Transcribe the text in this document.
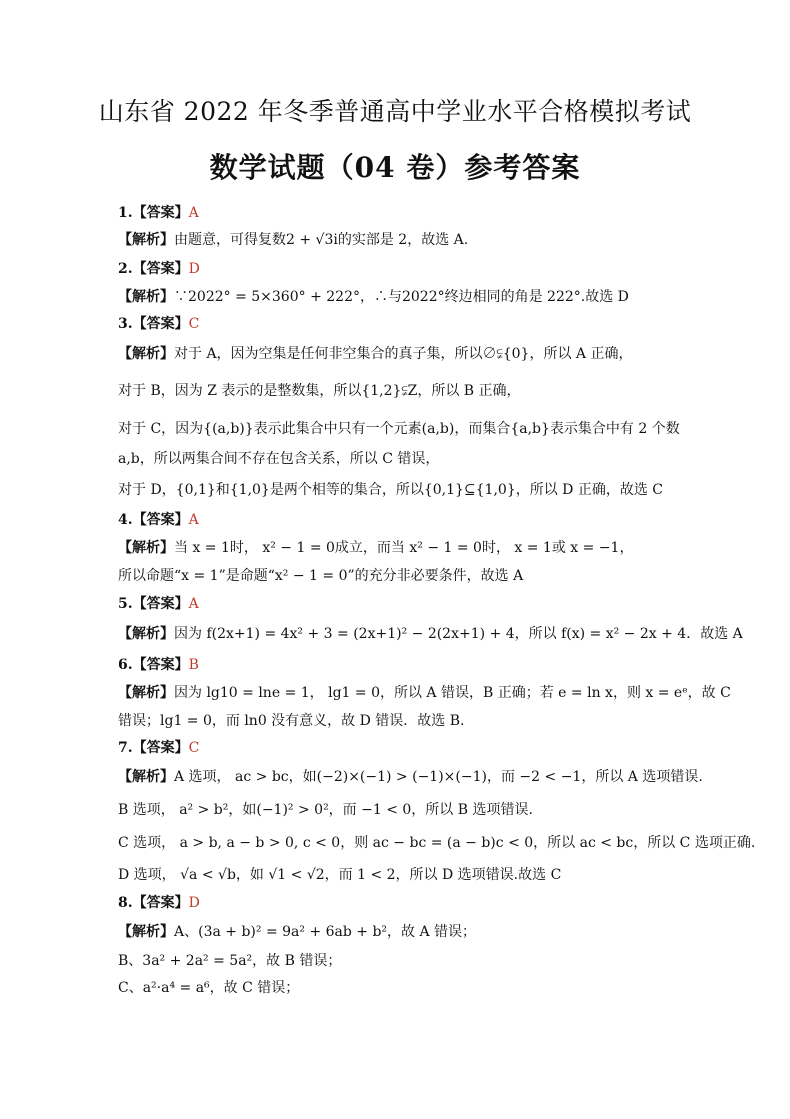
山东省 2022 年冬季普通高中学业水平合格模拟考试
数学试题（04 卷）参考答案
1.【答案】A
【解析】由题意，可得复数2 + √3i的实部是 2，故选 A.
2.【答案】D
【解析】∵2022° = 5×360° + 222°，∴与2022°终边相同的角是 222°.故选 D
3.【答案】C
【解析】对于 A，因为空集是任何非空集合的真子集，所以∅⫋{0}，所以 A 正确，
对于 B，因为 Z 表示的是整数集，所以{1,2}⫋Z，所以 B 正确，
对于 C，因为{(a,b)}表示此集合中只有一个元素(a,b)，而集合{a,b}表示集合中有 2 个数
a,b，所以两集合间不存在包含关系，所以 C 错误，
对于 D，{0,1}和{1,0}是两个相等的集合，所以{0,1}⊆{1,0}，所以 D 正确，故选 C
4.【答案】A
【解析】当 x = 1时， x² − 1 = 0成立，而当 x² − 1 = 0时， x = 1或 x = −1，
所以命题“x = 1”是命题“x² − 1 = 0”的充分非必要条件，故选 A
5.【答案】A
【解析】因为 f(2x+1) = 4x² + 3 = (2x+1)² − 2(2x+1) + 4，所以 f(x) = x² − 2x + 4．故选 A
6.【答案】B
【解析】因为 lg10 = lne = 1， lg1 = 0，所以 A 错误，B 正确；若 e = ln x，则 x = eᵉ，故 C
错误；lg1 = 0，而 ln0 没有意义，故 D 错误．故选 B.
7.【答案】C
【解析】A 选项， ac > bc，如(−2)×(−1) > (−1)×(−1)，而 −2 < −1，所以 A 选项错误.
B 选项， a² > b²，如(−1)² > 0²，而 −1 < 0，所以 B 选项错误.
C 选项， a > b, a − b > 0, c < 0，则 ac − bc = (a − b)c < 0，所以 ac < bc，所以 C 选项正确.
D 选项， √a < √b，如 √1 < √2，而 1 < 2，所以 D 选项错误.故选 C
8.【答案】D
【解析】A、(3a + b)² = 9a² + 6ab + b²，故 A 错误；
B、3a² + 2a² = 5a²，故 B 错误；
C、a²·a⁴ = a⁶，故 C 错误；
